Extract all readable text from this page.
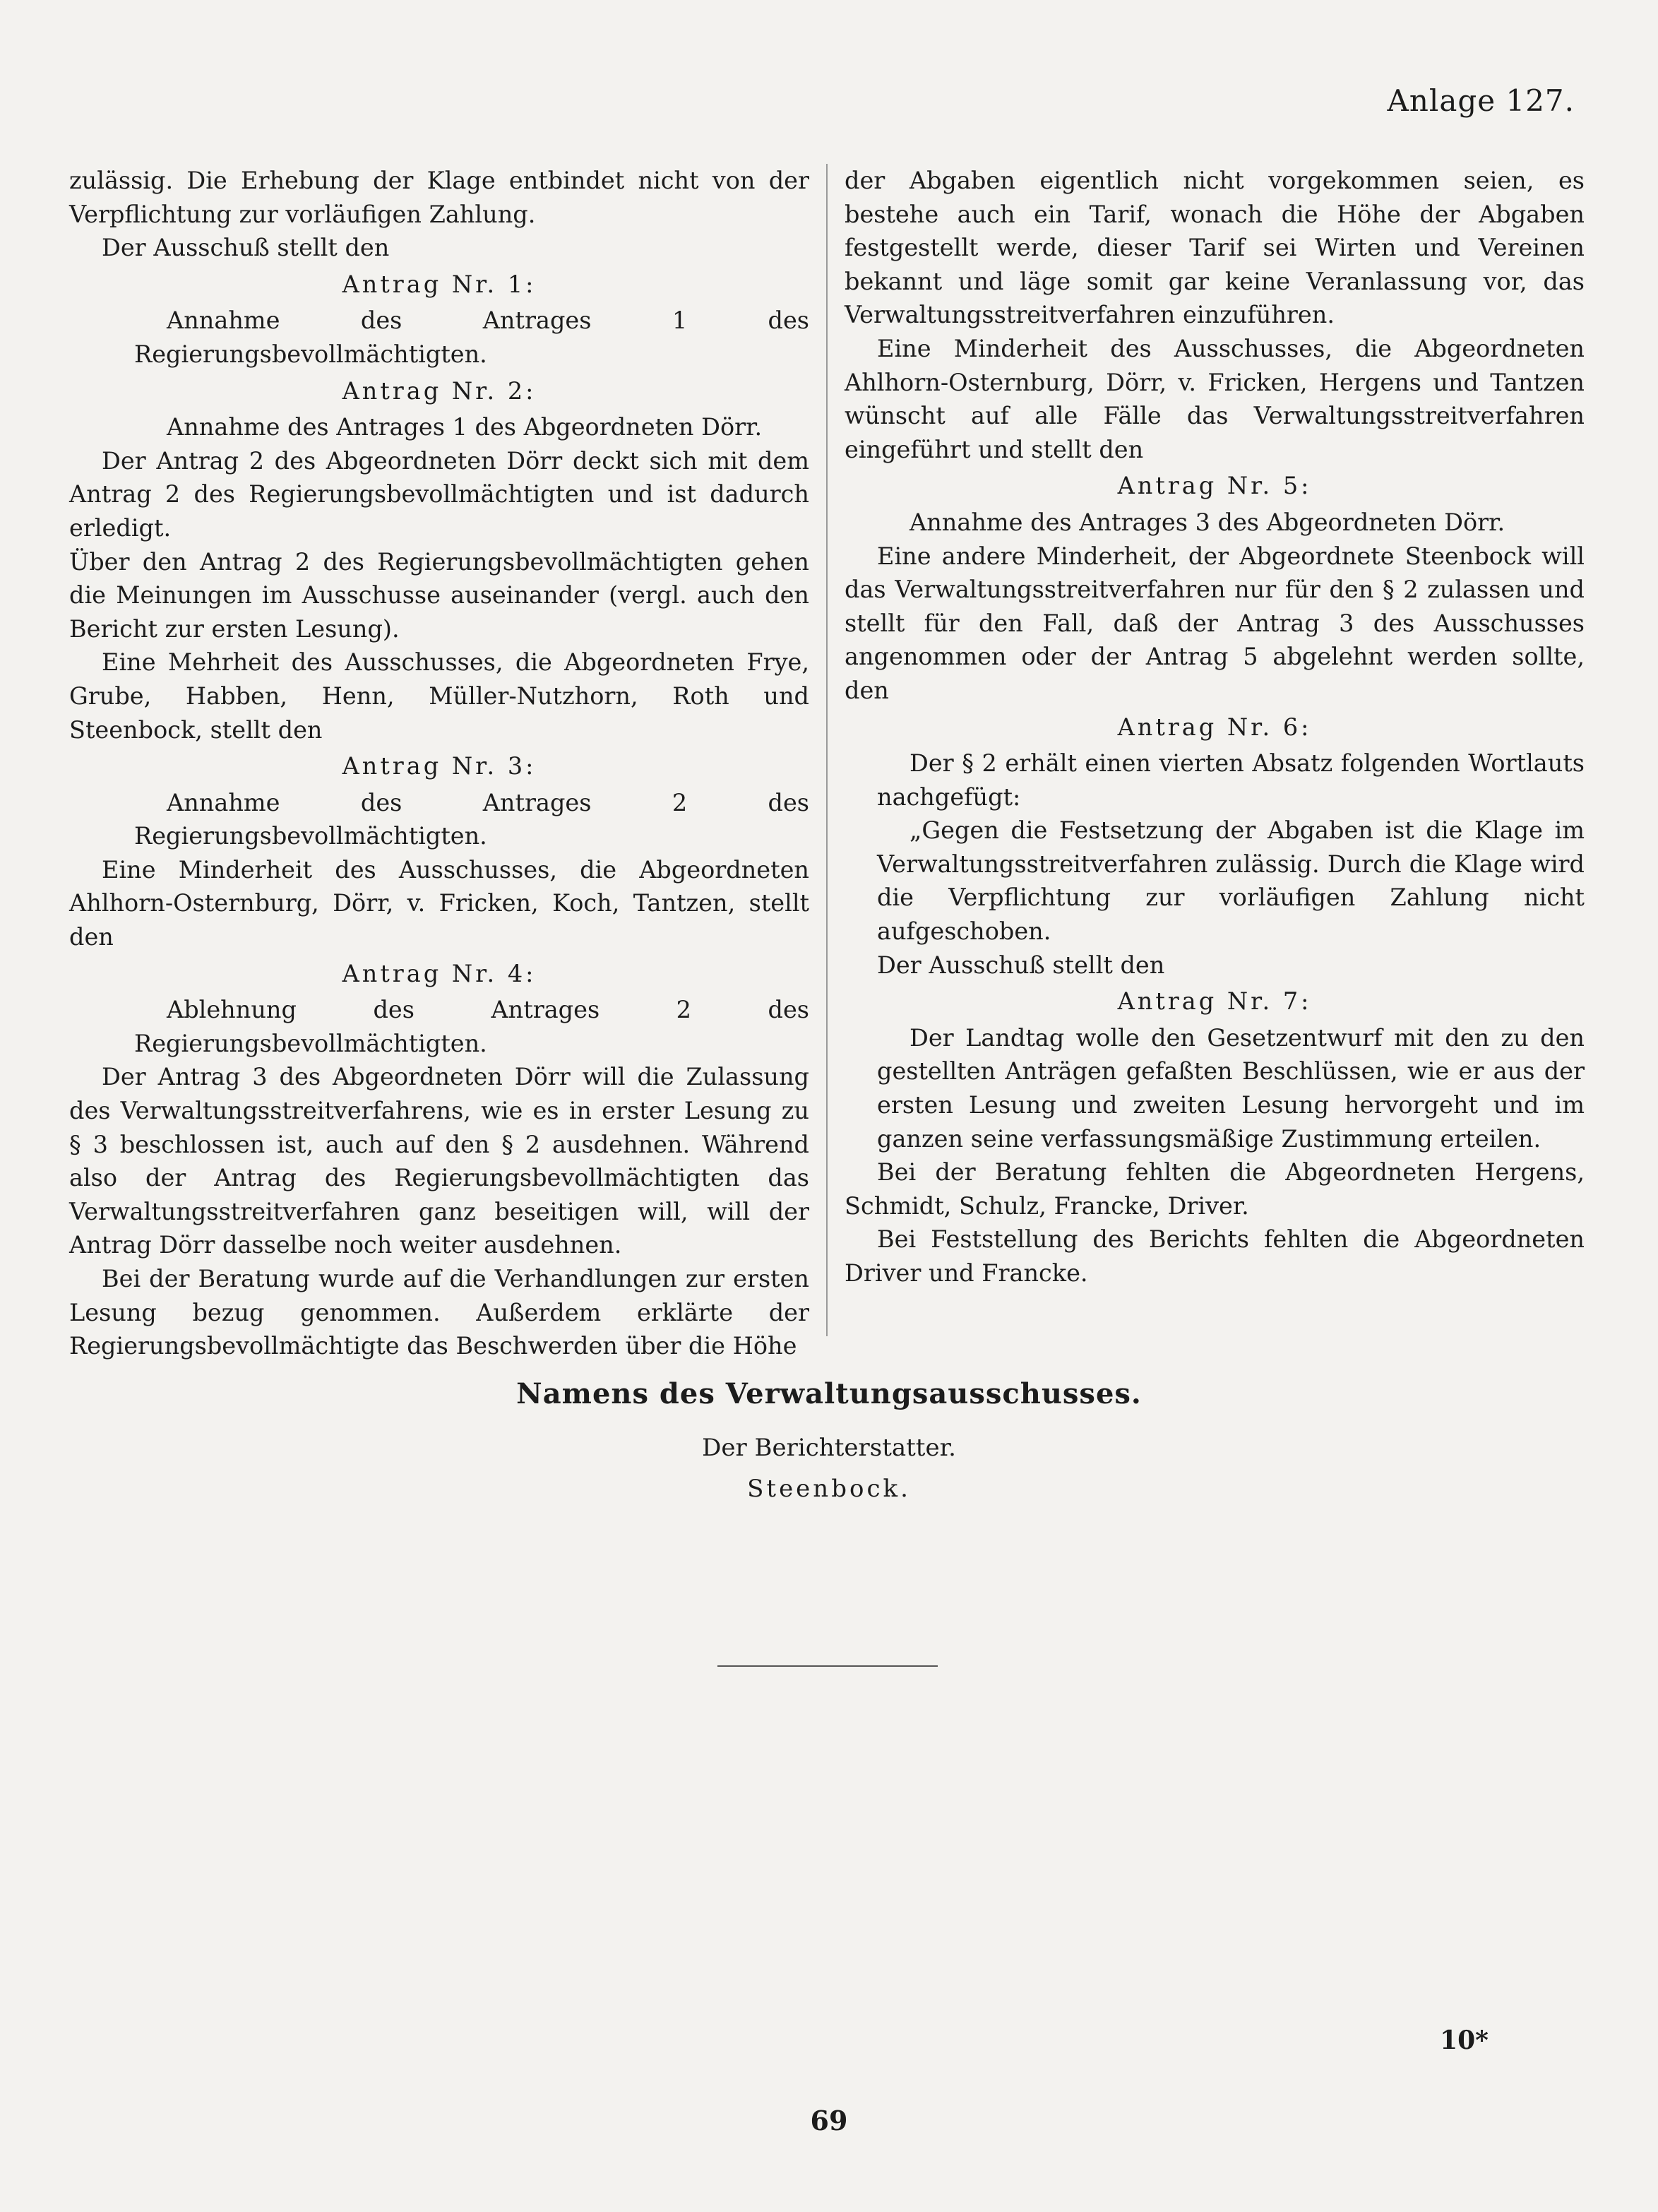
Anlage 127.

zulässig. Die Erhebung der Klage entbindet nicht von der Verpflichtung zur vorläufigen Zahlung.

Der Ausschuß stellt den

Antrag Nr. 1:

Annahme des Antrages 1 des Regierungsbevollmächtigten.

Antrag Nr. 2:

Annahme des Antrages 1 des Abgeordneten Dörr.

Der Antrag 2 des Abgeordneten Dörr deckt sich mit dem Antrag 2 des Regierungsbevollmächtigten und ist dadurch erledigt.

Über den Antrag 2 des Regierungsbevollmächtigten gehen die Meinungen im Ausschusse auseinander (vergl. auch den Bericht zur ersten Lesung).

Eine Mehrheit des Ausschusses, die Abgeordneten Frye, Grube, Habben, Henn, Müller-Nutzhorn, Roth und Steenbock, stellt den

Antrag Nr. 3:

Annahme des Antrages 2 des Regierungsbevollmächtigten.

Eine Minderheit des Ausschusses, die Abgeordneten Ahlhorn-Osternburg, Dörr, v. Fricken, Koch, Tantzen, stellt den

Antrag Nr. 4:

Ablehnung des Antrages 2 des Regierungsbevollmächtigten.

Der Antrag 3 des Abgeordneten Dörr will die Zulassung des Verwaltungsstreitverfahrens, wie es in erster Lesung zu § 3 beschlossen ist, auch auf den § 2 ausdehnen. Während also der Antrag des Regierungsbevollmächtigten das Verwaltungsstreitverfahren ganz beseitigen will, will der Antrag Dörr dasselbe noch weiter ausdehnen.

Bei der Beratung wurde auf die Verhandlungen zur ersten Lesung bezug genommen. Außerdem erklärte der Regierungsbevollmächtigte das Beschwerden über die Höhe

der Abgaben eigentlich nicht vorgekommen seien, es bestehe auch ein Tarif, wonach die Höhe der Abgaben festgestellt werde, dieser Tarif sei Wirten und Vereinen bekannt und läge somit gar keine Veranlassung vor, das Verwaltungsstreitverfahren einzuführen.

Eine Minderheit des Ausschusses, die Abgeordneten Ahlhorn-Osternburg, Dörr, v. Fricken, Hergens und Tantzen wünscht auf alle Fälle das Verwaltungsstreitverfahren eingeführt und stellt den

Antrag Nr. 5:

Annahme des Antrages 3 des Abgeordneten Dörr.

Eine andere Minderheit, der Abgeordnete Steenbock will das Verwaltungsstreitverfahren nur für den § 2 zulassen und stellt für den Fall, daß der Antrag 3 des Ausschusses angenommen oder der Antrag 5 abgelehnt werden sollte, den

Antrag Nr. 6:

Der § 2 erhält einen vierten Absatz folgenden Wortlauts nachgefügt:

„Gegen die Festsetzung der Abgaben ist die Klage im Verwaltungsstreitverfahren zulässig. Durch die Klage wird die Verpflichtung zur vorläufigen Zahlung nicht aufgeschoben.

Der Ausschuß stellt den

Antrag Nr. 7:

Der Landtag wolle den Gesetzentwurf mit den zu den gestellten Anträgen gefaßten Beschlüssen, wie er aus der ersten Lesung und zweiten Lesung hervorgeht und im ganzen seine verfassungsmäßige Zustimmung erteilen.

Bei der Beratung fehlten die Abgeordneten Hergens, Schmidt, Schulz, Francke, Driver.

Bei Feststellung des Berichts fehlten die Abgeordneten Driver und Francke.

Namens des Verwaltungsausschusses.
Der Berichterstatter.
Steenbock.
10*
69
